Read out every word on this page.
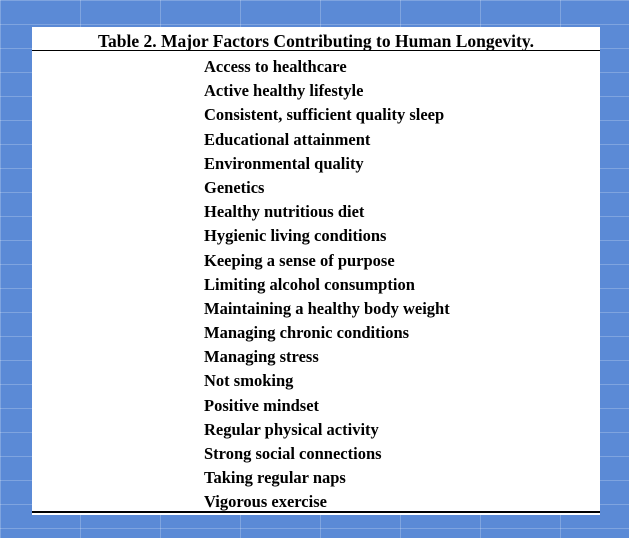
Table 2. Major Factors Contributing to Human Longevity.
Access to healthcare
Active healthy lifestyle
Consistent, sufficient quality sleep
Educational attainment
Environmental quality
Genetics
Healthy nutritious diet
Hygienic living conditions
Keeping a sense of purpose
Limiting alcohol consumption
Maintaining a healthy body weight
Managing chronic conditions
Managing stress
Not smoking
Positive mindset
Regular physical activity
Strong social connections
Taking regular naps
Vigorous exercise
